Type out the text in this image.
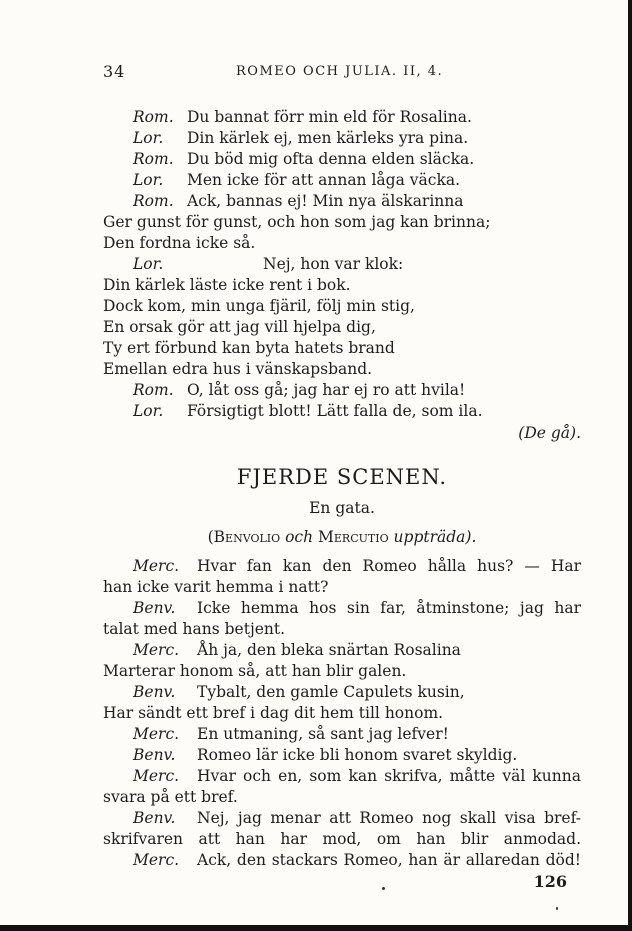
34	ROMEO OCH JULIA. II, 4.
Rom. Du bannat förr min eld för Rosalina.
Lor. Din kärlek ej, men kärleks yra pina.
Rom. Du böd mig ofta denna elden släcka.
Lor. Men icke för att annan låga väcka.
Rom. Ack, bannas ej! Min nya älskarinna
Ger gunst för gunst, och hon som jag kan brinna;
Den fordna icke så.
Lor.	Nej, hon var klok:
Din kärlek läste icke rent i bok.
Dock kom, min unga fjäril, följ min stig,
En orsak gör att jag vill hjelpa dig,
Ty ert förbund kan byta hatets brand
Emellan edra hus i vänskapsband.
Rom. O, låt oss gå; jag har ej ro att hvila!
Lor. Försigtigt blott! Lätt falla de, som ila.
(De gå).
FJERDE SCENEN.
En gata.
(Benvolio och Mercutio uppträda).
Merc. Hvar fan kan den Romeo hålla hus? — Har
han icke varit hemma i natt?
Benv. Icke hemma hos sin far, åtminstone; jag har
talat med hans betjent.
Merc. Åh ja, den bleka snärtan Rosalina
Marterar honom så, att han blir galen.
Benv. Tybalt, den gamle Capulets kusin,
Har sändt ett bref i dag dit hem till honom.
Merc. En utmaning, så sant jag lefver!
Benv. Romeo lär icke bli honom svaret skyldig.
Merc. Hvar och en, som kan skrifva, måtte väl kunna
svara på ett bref.
Benv. Nej, jag menar att Romeo nog skall visa bref-
skrifvaren att han har mod, om han blir anmodad.
Merc. Ack, den stackars Romeo, han är allaredan död!
126
